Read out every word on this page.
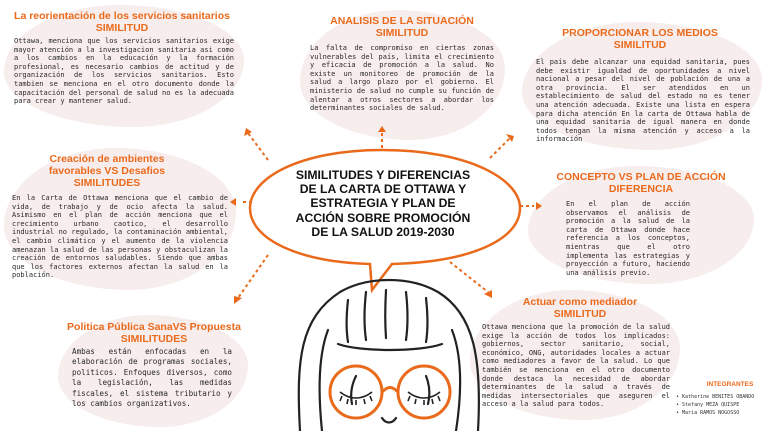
SIMILITUDES Y DIFERENCIAS DE LA CARTA DE OTTAWA Y ESTRATEGIA Y PLAN DE ACCIÓN SOBRE PROMOCIÓN DE LA SALUD 2019-2030
La reorientación de los servicios sanitarios SIMILITUD
Ottawa, menciona que los servicios sanitarios exige mayor atención a la investigacion sanitaria asi como a los cambios en la educación y la formación profesional, es necesario cambios de actitud y de organización de los servicios sanitarios. Esto tambien se menciona en el otro documento donde la capacitación del personal de salud no es la adecuada para crear y mantener salud.
ANALISIS DE LA SITUACIÓN SIMILITUD
La falta de compromiso en ciertas zonas vulnerables del país, limita el crecimiento y eficacia de promoción a la salud. No existe un monitoreo de promoción de la salud a largo plazo por el gobierno. El ministerio de salud no cumple su función de alentar a otros sectores a abordar los determinantes sociales de salud.
PROPORCIONAR LOS MEDIOS SIMILITUD
El país debe alcanzar una equidad sanitaria, pues debe existir igualdad de oportunidades a nivel nacional a pesar del nivel de población de una a otra provincia. El ser atendidos en un establecimiento de salud del estado no es tener una atención adecuada. Existe una lista en espera para dicha atención En la carta de Ottawa habla de una equidad sanitaria de igual manera en donde todos tengan la misma atención y acceso a la información
Creación de ambientes favorables VS Desafios SIMILITUDES
En la Carta de Ottawa menciona que el cambio de vida, de trabajo y de ocio afecta la salud. Asimismo en el plan de acción menciona que el crecimiento urbano caotico, el desarrollo industrial no regulado, la contaminación ambiental, el cambio climático y el aumento de la violencia amenazan la salud de las personas y obstaculizan la creación de entornos saludables. Siendo que ambas que los factores externos afectan la salud en la población.
CONCEPTO VS PLAN DE ACCIÓN DIFERENCIA
En el plan de acción observamos el análisis de promoción a la salud de la carta de Ottawa donde hace referencia a los conceptos, mientras que el otro implementa las estrategias y proyección a futuro, haciendo una análisis previo.
Politica Pública SanaVS Propuesta SIMILITUDES
Ambas están enfocadas en la elaboración de programas sociales, politicos. Enfoques diversos, como la legislación, las medidas fiscales, el sistema tributario y los cambios organizativos.
Actuar como mediador SIMILITUD
Ottawa menciona que la promoción de la salud exige la acción de todos los implicados: gobiernos, sector sanitario, social, económico, ONG, autoridades locales a actuar como mediadores a favor de la salud. Lo que también se menciona en el otro documento donde destaca la necesidad de abordar determinantes de la salud a través de medidas intersectoriales que aseguren el acceso a la salud para todos.
INTEGRANTES
• Katherine BENITES OBANDO
• Stefany MEZA QUISPE
• Maria RAMOS NOGOSSO
